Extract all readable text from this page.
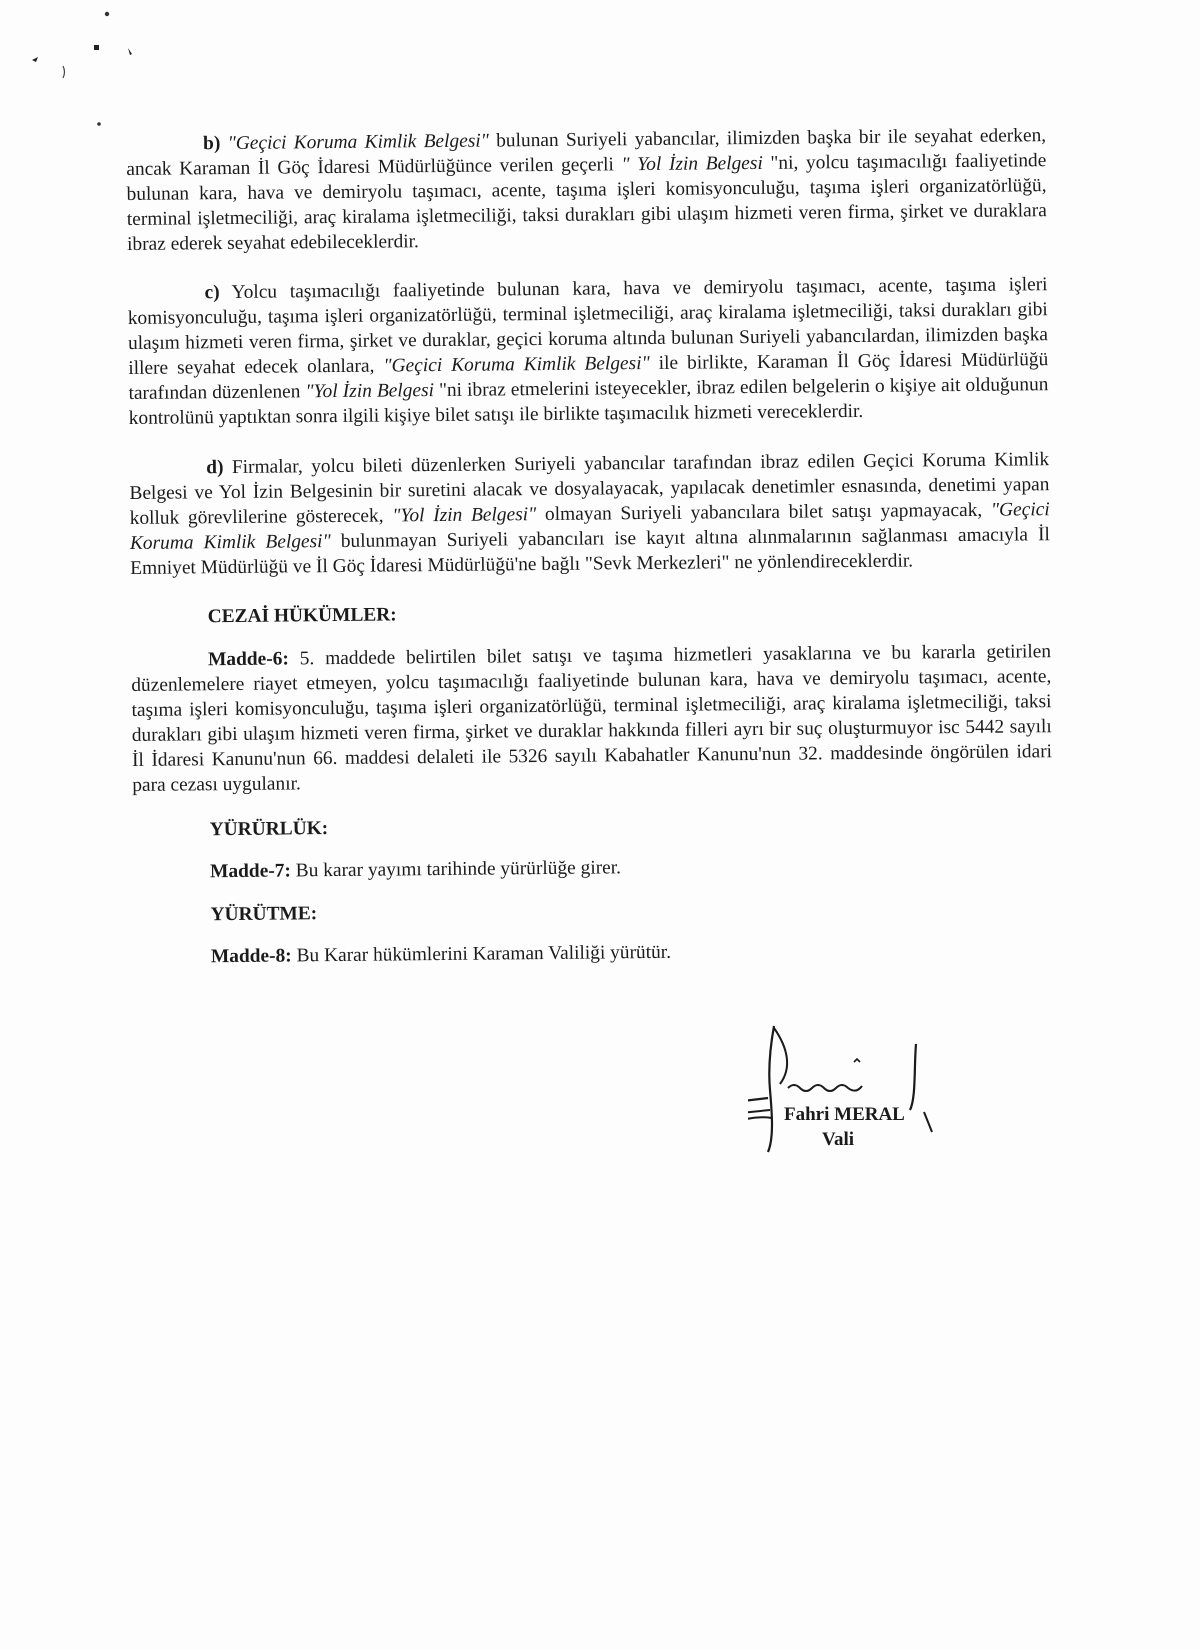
b) "Geçici Koruma Kimlik Belgesi" bulunan Suriyeli yabancılar, ilimizden başka bir ile seyahat ederken, ancak Karaman İl Göç İdaresi Müdürlüğünce verilen geçerli " Yol İzin Belgesi "ni, yolcu taşımacılığı faaliyetinde bulunan kara, hava ve demiryolu taşımacı, acente, taşıma işleri komisyonculuğu, taşıma işleri organizatörlüğü, terminal işletmeciliği, araç kiralama işletmeciliği, taksi durakları gibi ulaşım hizmeti veren firma, şirket ve duraklara ibraz ederek seyahat edebileceklerdir.

c) Yolcu taşımacılığı faaliyetinde bulunan kara, hava ve demiryolu taşımacı, acente, taşıma işleri komisyonculuğu, taşıma işleri organizatörlüğü, terminal işletmeciliği, araç kiralama işletmeciliği, taksi durakları gibi ulaşım hizmeti veren firma, şirket ve duraklar, geçici koruma altında bulunan Suriyeli yabancılardan, ilimizden başka illere seyahat edecek olanlara, "Geçici Koruma Kimlik Belgesi" ile birlikte, Karaman İl Göç İdaresi Müdürlüğü tarafından düzenlenen "Yol İzin Belgesi "ni ibraz etmelerini isteyecekler, ibraz edilen belgelerin o kişiye ait olduğunun kontrolünü yaptıktan sonra ilgili kişiye bilet satışı ile birlikte taşımacılık hizmeti vereceklerdir.

d) Firmalar, yolcu bileti düzenlerken Suriyeli yabancılar tarafından ibraz edilen Geçici Koruma Kimlik Belgesi ve Yol İzin Belgesinin bir suretini alacak ve dosyalayacak, yapılacak denetimler esnasında, denetimi yapan kolluk görevlilerine gösterecek, "Yol İzin Belgesi" olmayan Suriyeli yabancılara bilet satışı yapmayacak, "Geçici Koruma Kimlik Belgesi" bulunmayan Suriyeli yabancıları ise kayıt altına alınmalarının sağlanması amacıyla İl Emniyet Müdürlüğü ve İl Göç İdaresi Müdürlüğü'ne bağlı "Sevk Merkezleri" ne yönlendireceklerdir.

CEZAİ HÜKÜMLER:

Madde-6: 5. maddede belirtilen bilet satışı ve taşıma hizmetleri yasaklarına ve bu kararla getirilen düzenlemelere riayet etmeyen, yolcu taşımacılığı faaliyetinde bulunan kara, hava ve demiryolu taşımacı, acente, taşıma işleri komisyonculuğu, taşıma işleri organizatörlüğü, terminal işletmeciliği, araç kiralama işletmeciliği, taksi durakları gibi ulaşım hizmeti veren firma, şirket ve duraklar hakkında filleri ayrı bir suç oluşturmuyor isc 5442 sayılı İl İdaresi Kanunu'nun 66. maddesi delaleti ile 5326 sayılı Kabahatler Kanunu'nun 32. maddesinde öngörülen idari para cezası uygulanır.

YÜRÜRLÜK:

Madde-7: Bu karar yayımı tarihinde yürürlüğe girer.

YÜRÜTME:

Madde-8: Bu Karar hükümlerini Karaman Valiliği yürütür.

Fahri MERAL
Vali
